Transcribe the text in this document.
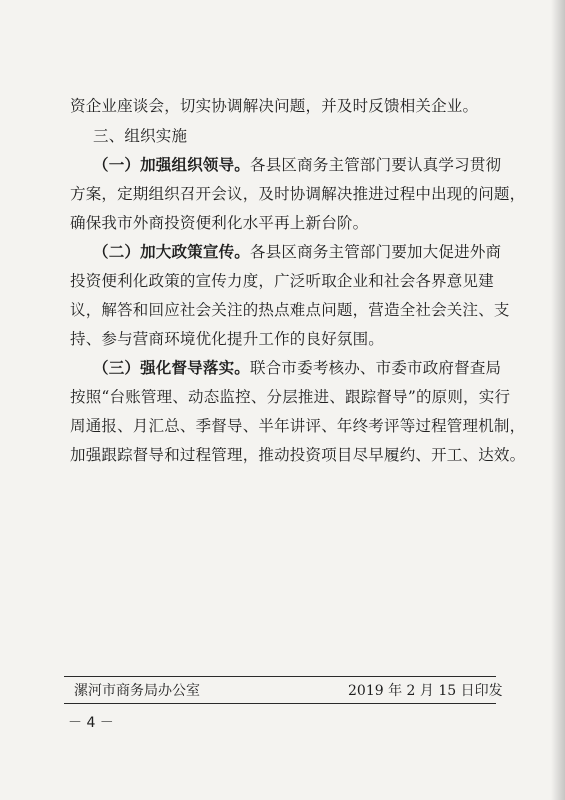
资企业座谈会，切实协调解决问题，并及时反馈相关企业。
三、组织实施
（一）加强组织领导。各县区商务主管部门要认真学习贯彻
方案，定期组织召开会议，及时协调解决推进过程中出现的问题，
确保我市外商投资便利化水平再上新台阶。
（二）加大政策宣传。各县区商务主管部门要加大促进外商
投资便利化政策的宣传力度，广泛听取企业和社会各界意见建
议，解答和回应社会关注的热点难点问题，营造全社会关注、支
持、参与营商环境优化提升工作的良好氛围。
（三）强化督导落实。联合市委考核办、市委市政府督查局
按照“台账管理、动态监控、分层推进、跟踪督导”的原则，实行
周通报、月汇总、季督导、半年讲评、年终考评等过程管理机制，
加强跟踪督导和过程管理，推动投资项目尽早履约、开工、达效。
漯河市商务局办公室	2019 年 2 月 15 日印发
－ 4 －
